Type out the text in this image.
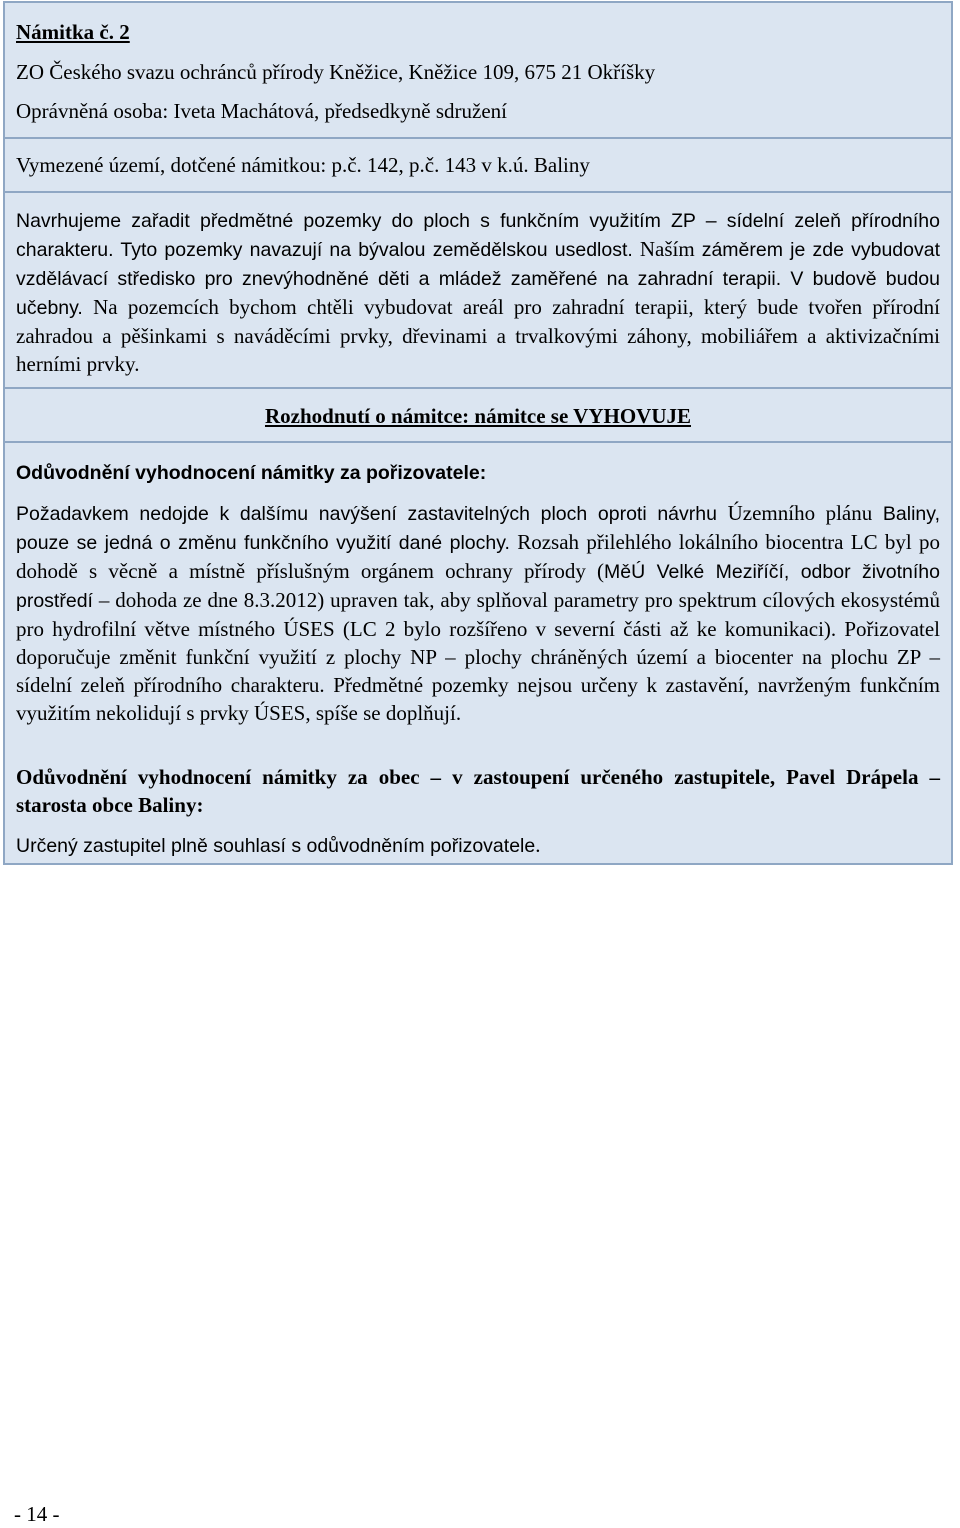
Námitka č. 2
ZO Českého svazu ochránců přírody Kněžice, Kněžice 109, 675 21 Okříšky
Oprávněná osoba: Iveta Machátová, předsedkyně sdružení
Vymezené území, dotčené námitkou: p.č. 142, p.č. 143 v k.ú. Baliny
Navrhujeme zařadit předmětné pozemky do ploch s funkčním využitím ZP – sídelní zeleň přírodního charakteru. Tyto pozemky navazují na bývalou zemědělskou usedlost. Naším záměrem je zde vybudovat vzdělávací středisko pro znevýhodněné děti a mládež zaměřené na zahradní terapii. V budově budou učebny. Na pozemcích bychom chtěli vybudovat areál pro zahradní terapii, který bude tvořen přírodní zahradou a pěšinkami s naváděcími prvky, dřevinami a trvalkovými záhony, mobiliářem a aktivizačními herními prvky.
Rozhodnutí o námitce: námitce se VYHOVUJE
Odůvodnění vyhodnocení námitky za pořizovatele:
Požadavkem nedojde k dalšímu navýšení zastavitelných ploch oproti návrhu Územního plánu Baliny, pouze se jedná o změnu funkčního využití dané plochy. Rozsah přilehlého lokálního biocentra LC byl po dohodě s věcně a místně příslušným orgánem ochrany přírody (MěÚ Velké Meziříčí, odbor životního prostředí – dohoda ze dne 8.3.2012) upraven tak, aby splňoval parametry pro spektrum cílových ekosystémů pro hydrofilní větve místného ÚSES (LC 2 bylo rozšířeno v severní části až ke komunikaci). Pořizovatel doporučuje změnit funkční využití z plochy NP – plochy chráněných území a biocenter na plochu ZP – sídelní zeleň přírodního charakteru. Předmětné pozemky nejsou určeny k zastavění, navrženým funkčním využitím nekolidují s prvky ÚSES, spíše se doplňují.
Odůvodnění vyhodnocení námitky za obec – v zastoupení určeného zastupitele, Pavel Drápela – starosta obce Baliny:
Určený zastupitel plně souhlasí s odůvodněním pořizovatele.
- 14 -
